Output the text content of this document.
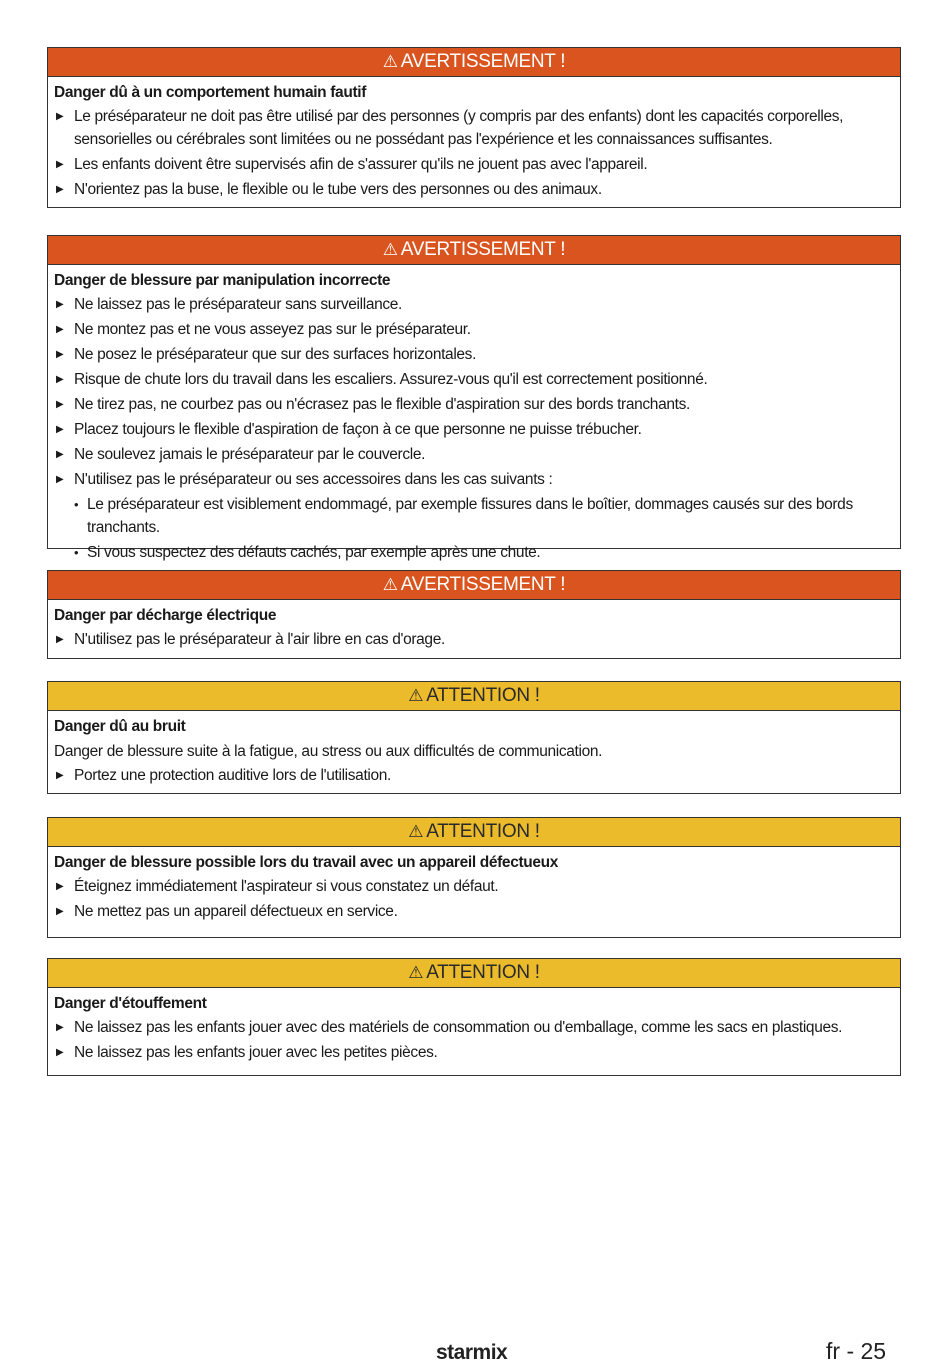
⚠ AVERTISSEMENT !
Danger dû à un comportement humain fautif
▶ Le préséparateur ne doit pas être utilisé par des personnes (y compris par des enfants) dont les capacités corporelles, sensorielles ou cérébrales sont limitées ou ne possédant pas l'expérience et les connaissances suffisantes.
▶ Les enfants doivent être supervisés afin de s'assurer qu'ils ne jouent pas avec l'appareil.
▶ N'orientez pas la buse, le flexible ou le tube vers des personnes ou des animaux.
⚠ AVERTISSEMENT !
Danger de blessure par manipulation incorrecte
▶ Ne laissez pas le préséparateur sans surveillance.
▶ Ne montez pas et ne vous asseyez pas sur le préséparateur.
▶ Ne posez le préséparateur que sur des surfaces horizontales.
▶ Risque de chute lors du travail dans les escaliers. Assurez-vous qu'il est correctement positionné.
▶ Ne tirez pas, ne courbez pas ou n'écrasez pas le flexible d'aspiration sur des bords tranchants.
▶ Placez toujours le flexible d'aspiration de façon à ce que personne ne puisse trébucher.
▶ Ne soulevez jamais le préséparateur par le couvercle.
▶ N'utilisez pas le préséparateur ou ses accessoires dans les cas suivants :
• Le préséparateur est visiblement endommagé, par exemple fissures dans le boîtier, dommages causés sur des bords tranchants.
• Si vous suspectez des défauts cachés, par exemple après une chute.
⚠ AVERTISSEMENT !
Danger par décharge électrique
▶ N'utilisez pas le préséparateur à l'air libre en cas d'orage.
⚠ ATTENTION !
Danger dû au bruit
Danger de blessure suite à la fatigue, au stress ou aux difficultés de communication.
▶ Portez une protection auditive lors de l'utilisation.
⚠ ATTENTION !
Danger de blessure possible lors du travail avec un appareil défectueux
▶ Éteignez immédiatement l'aspirateur si vous constatez un défaut.
▶ Ne mettez pas un appareil défectueux en service.
⚠ ATTENTION !
Danger d'étouffement
▶ Ne laissez pas les enfants jouer avec des matériels de consommation ou d'emballage, comme les sacs en plastiques.
▶ Ne laissez pas les enfants jouer avec les petites pièces.
starmix	fr - 25
